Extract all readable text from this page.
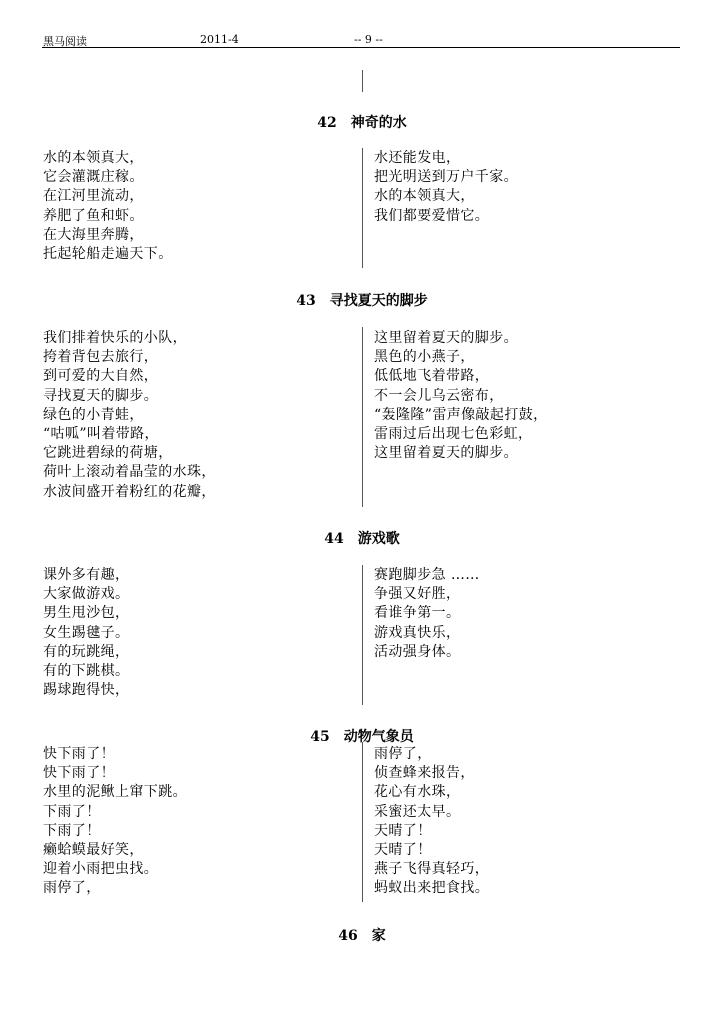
黑马阅读	2011-4	-- 9 --
42 神奇的水
水的本领真大，
它会灌溉庄稼。
在江河里流动，
养肥了鱼和虾。
在大海里奔腾，
托起轮船走遍天下。
水还能发电，
把光明送到万户千家。
水的本领真大，
我们都要爱惜它。
43 寻找夏天的脚步
我们排着快乐的小队，
挎着背包去旅行，
到可爱的大自然，
寻找夏天的脚步。
绿色的小青蛙，
“咕呱”叫着带路，
它跳进碧绿的荷塘，
荷叶上滚动着晶莹的水珠，
水波间盛开着粉红的花瓣，
这里留着夏天的脚步。
黑色的小燕子，
低低地飞着带路，
不一会儿乌云密布，
“轰隆隆”雷声像敲起打鼓，
雷雨过后出现七色彩虹，
这里留着夏天的脚步。
44 游戏歌
课外多有趣，
大家做游戏。
男生甩沙包，
女生踢毽子。
有的玩跳绳，
有的下跳棋。
踢球跑得快，
赛跑脚步急 ……
争强又好胜，
看谁争第一。
游戏真快乐，
活动强身体。
45 动物气象员
快下雨了！
快下雨了！
水里的泥鳅上窜下跳。
下雨了！
下雨了！
癞蛤蟆最好笑，
迎着小雨把虫找。
雨停了，
雨停了，
侦查蜂来报告，
花心有水珠，
采蜜还太早。
天晴了！
天晴了！
燕子飞得真轻巧，
蚂蚁出来把食找。
46 家
